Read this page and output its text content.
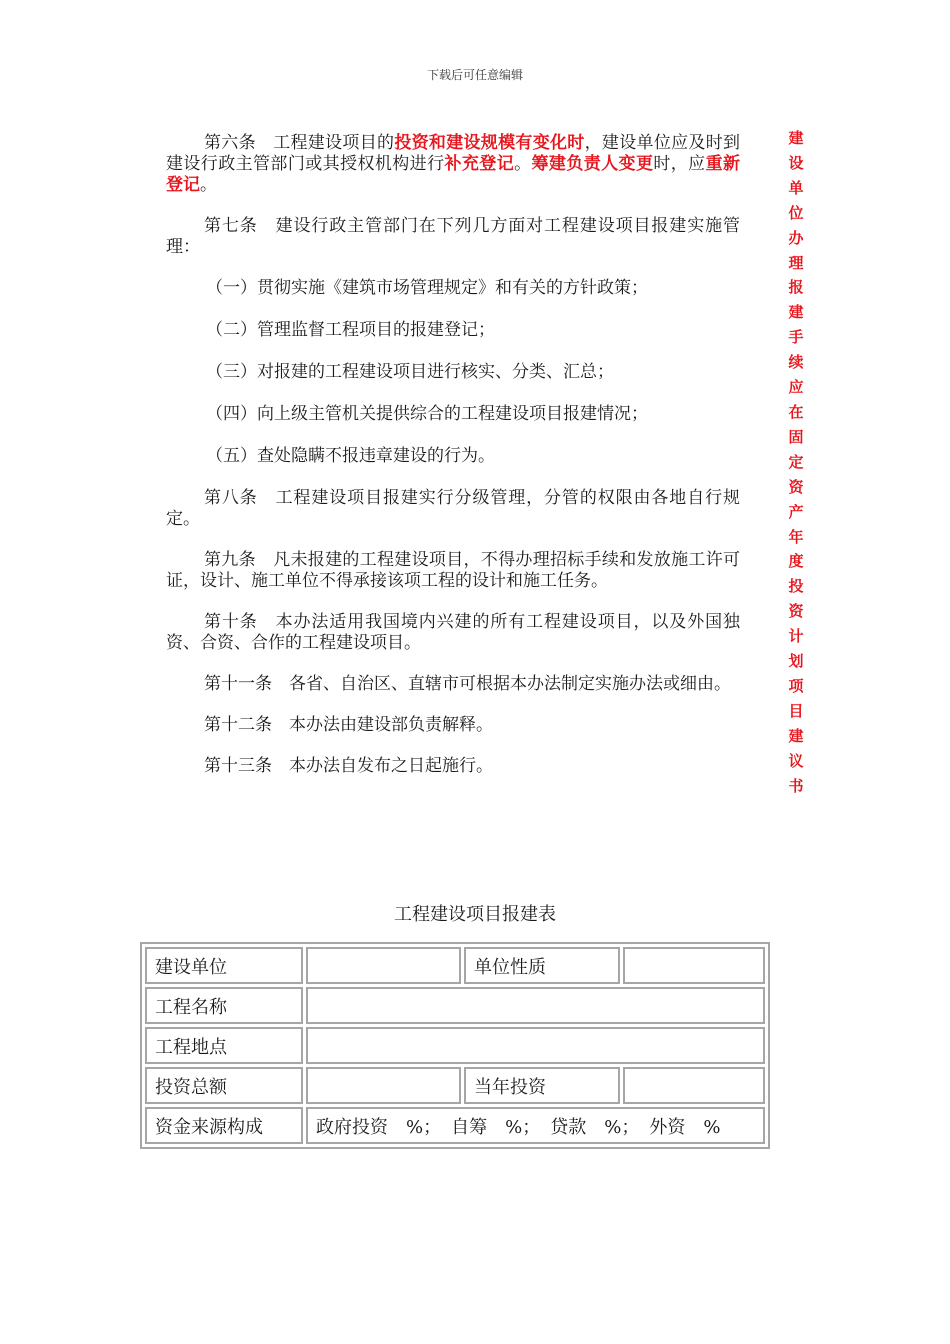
下载后可任意编辑

第六条　工程建设项目的投资和建设规模有变化时，建设单位应及时到建设行政主管部门或其授权机构进行补充登记。筹建负责人变更时，应重新登记。

第七条　建设行政主管部门在下列几方面对工程建设项目报建实施管理：

（一）贯彻实施《建筑市场管理规定》和有关的方针政策；

（二）管理监督工程项目的报建登记；

（三）对报建的工程建设项目进行核实、分类、汇总；

（四）向上级主管机关提供综合的工程建设项目报建情况；

（五）查处隐瞒不报违章建设的行为。

第八条　工程建设项目报建实行分级管理，分管的权限由各地自行规定。

第九条　凡未报建的工程建设项目，不得办理招标手续和发放施工许可证，设计、施工单位不得承接该项工程的设计和施工任务。

第十条　本办法适用我国境内兴建的所有工程建设项目，以及外国独资、合资、合作的工程建设项目。

第十一条　各省、自治区、直辖市可根据本办法制定实施办法或细由。

第十二条　本办法由建设部负责解释。

第十三条　本办法自发布之日起施行。

建
设
单
位
办
理
报
建
手
续
应
在
固
定
资
产
年
度
投
资
计
划
项
目
建
议
书
工程建设项目报建表
建设单位		单位性质	
工程名称			
工程地点			
投资总额		当年投资	
资金来源构成	政府投资　%； 自筹　%； 贷款　%； 外资　%		
